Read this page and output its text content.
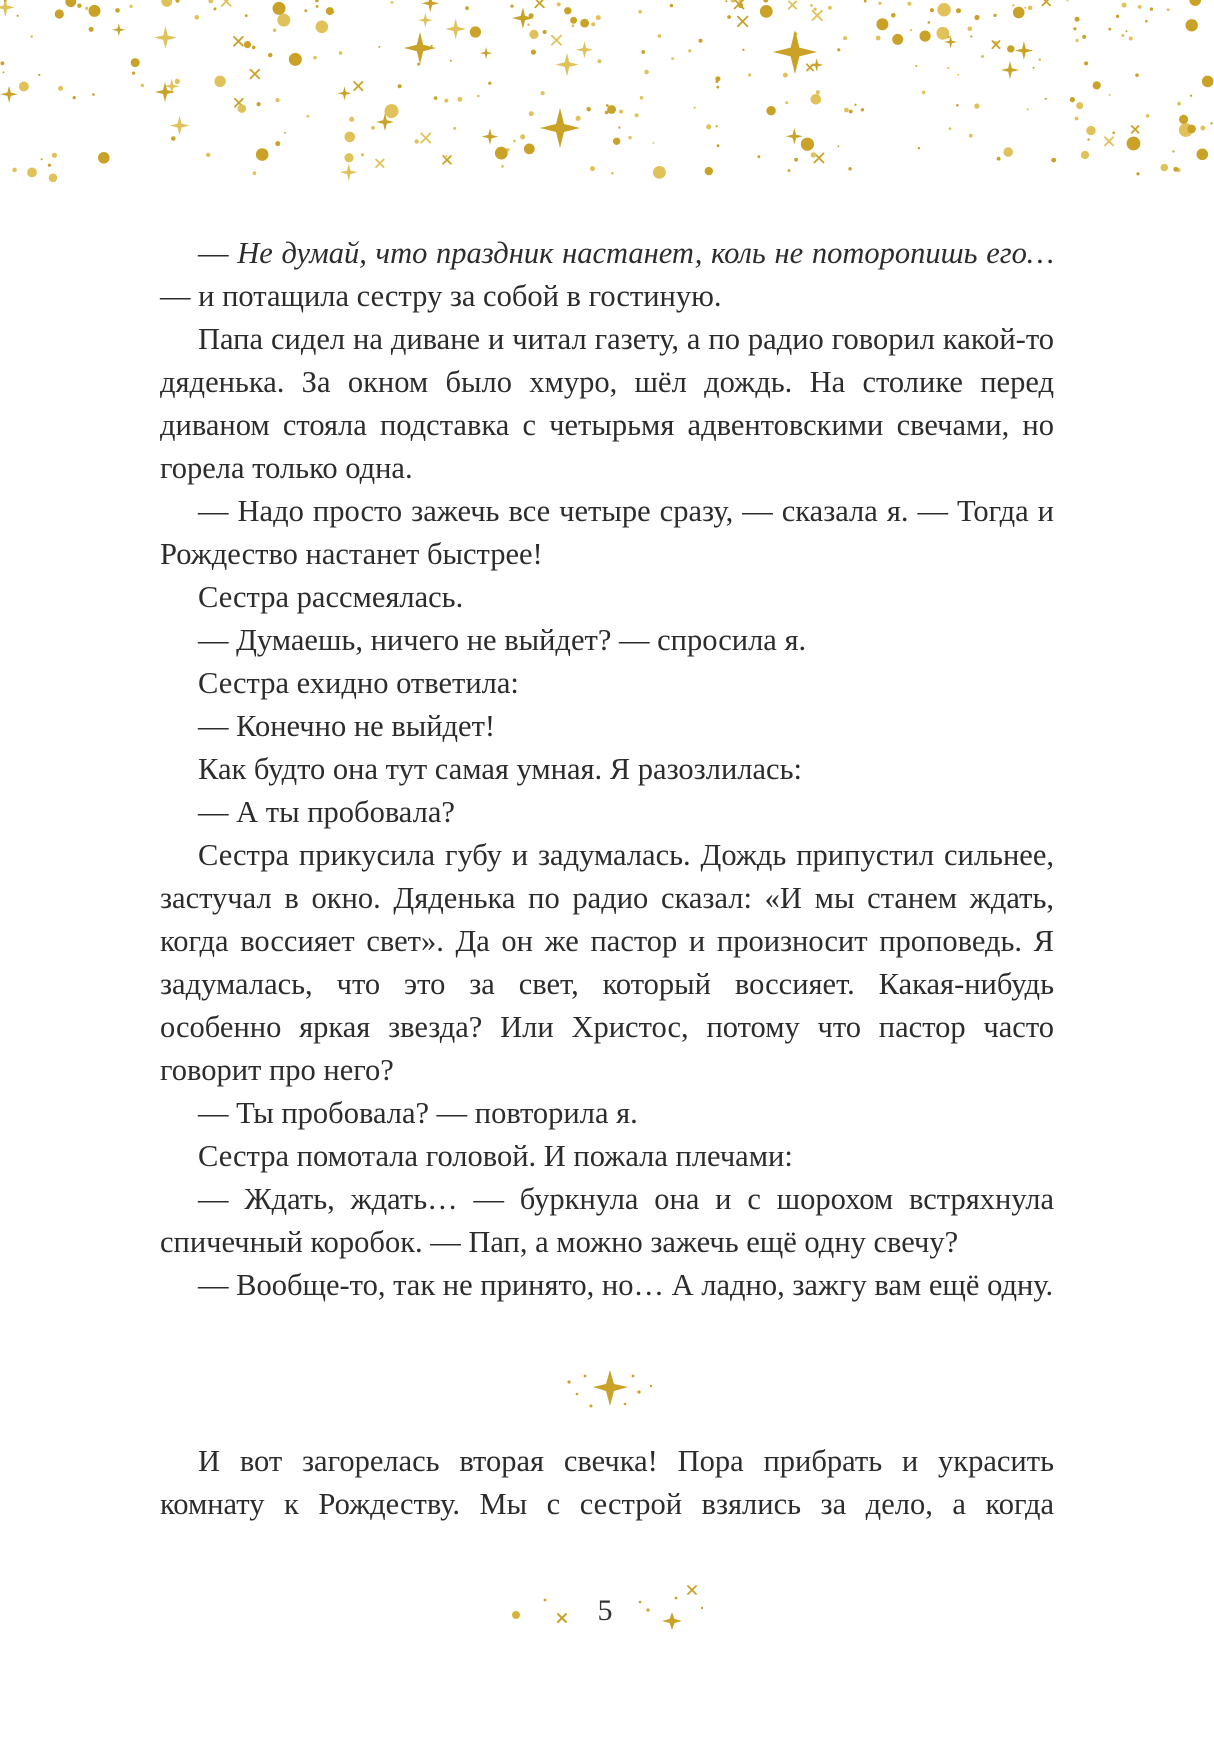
— Не думай, что праздник настанет, коль не поторопишь его… — и потащила сестру за собой в гостиную.

Папа сидел на диване и читал газету, а по радио говорил какой-то дяденька. За окном было хмуро, шёл дождь. На столике перед диваном стояла подставка с четырьмя адвентовскими свечами, но горела только одна.

— Надо просто зажечь все четыре сразу, — сказала я. — Тогда и Рождество настанет быстрее!

Сестра рассмеялась.

— Думаешь, ничего не выйдет? — спросила я.

Сестра ехидно ответила:

— Конечно не выйдет!

Как будто она тут самая умная. Я разозлилась:

— А ты пробовала?

Сестра прикусила губу и задумалась. Дождь припустил сильнее, застучал в окно. Дяденька по радио сказал: «И мы станем ждать, когда воссияет свет». Да он же пастор и произносит проповедь. Я задумалась, что это за свет, который воссияет. Какая-нибудь особенно яркая звезда? Или Христос, потому что пастор часто говорит про него?

— Ты пробовала? — повторила я.

Сестра помотала головой. И пожала плечами:

— Ждать, ждать… — буркнула она и с шорохом встряхнула спичечный коробок. — Пап, а можно зажечь ещё одну свечу?

— Вообще-то, так не принято, но… А ладно, зажгу вам ещё одну.

И вот загорелась вторая свечка! Пора прибрать и украсить комнату к Рождеству. Мы с сестрой взялись за дело, а когда

5
